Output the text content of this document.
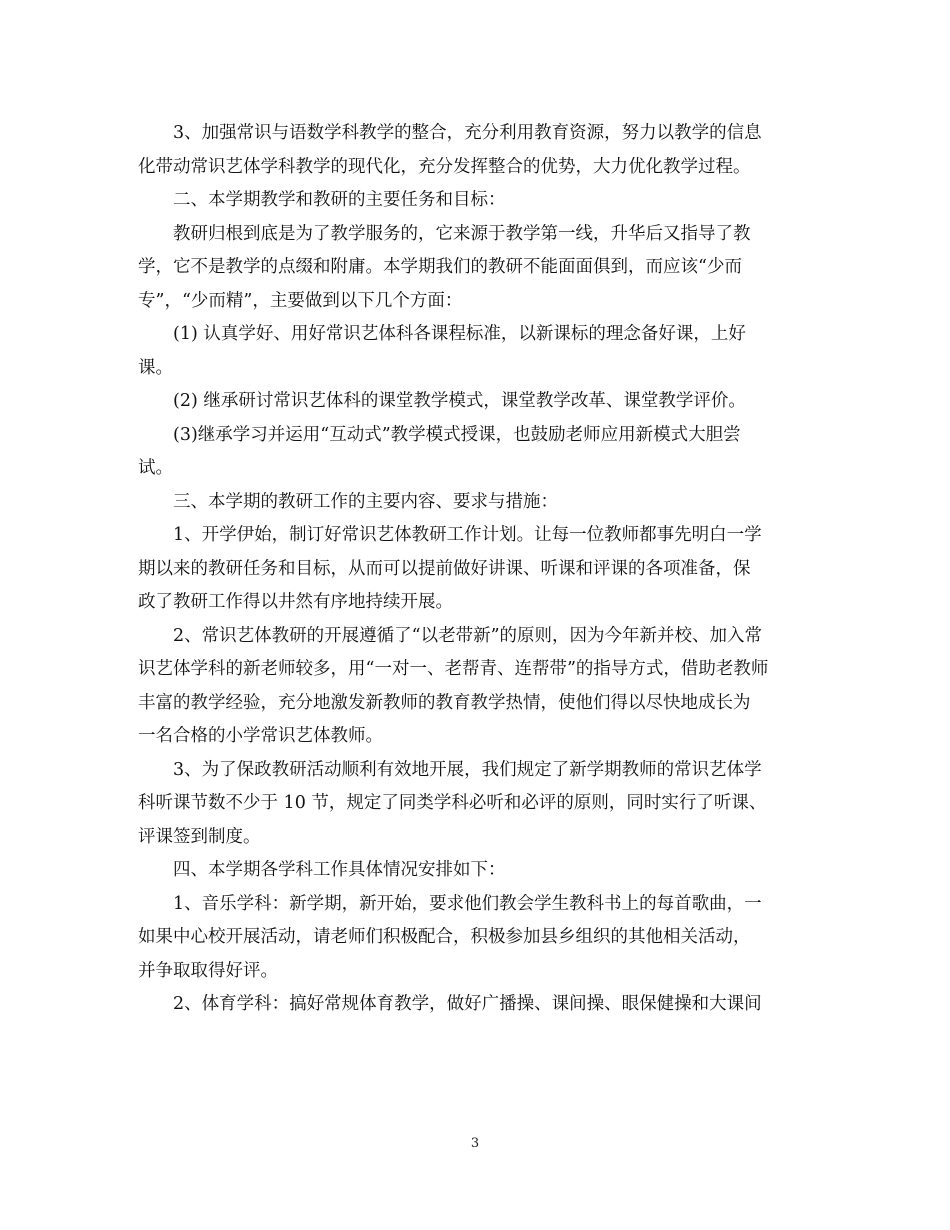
3、加强常识与语数学科教学的整合，充分利用教育资源，努力以教学的信息
化带动常识艺体学科教学的现代化，充分发挥整合的优势，大力优化教学过程。
二、本学期教学和教研的主要任务和目标：
教研归根到底是为了教学服务的，它来源于教学第一线，升华后又指导了教
学，它不是教学的点缀和附庸。本学期我们的教研不能面面俱到，而应该“少而
专”，“少而精”，主要做到以下几个方面：
(1) 认真学好、用好常识艺体科各课程标准，以新课标的理念备好课，上好
课。
(2) 继承研讨常识艺体科的课堂教学模式，课堂教学改革、课堂教学评价。
(3)继承学习并运用“互动式”教学模式授课，也鼓励老师应用新模式大胆尝
试。
三、本学期的教研工作的主要内容、要求与措施：
1、开学伊始，制订好常识艺体教研工作计划。让每一位教师都事先明白一学
期以来的教研任务和目标，从而可以提前做好讲课、听课和评课的各项准备，保
政了教研工作得以井然有序地持续开展。
2、常识艺体教研的开展遵循了“以老带新”的原则，因为今年新并校、加入常
识艺体学科的新老师较多，用“一对一、老帮青、连帮带”的指导方式，借助老教师
丰富的教学经验，充分地激发新教师的教育教学热情，使他们得以尽快地成长为
一名合格的小学常识艺体教师。
3、为了保政教研活动顺利有效地开展，我们规定了新学期教师的常识艺体学
科听课节数不少于 10 节，规定了同类学科必听和必评的原则，同时实行了听课、
评课签到制度。
四、本学期各学科工作具体情况安排如下：
1、音乐学科：新学期，新开始，要求他们教会学生教科书上的每首歌曲，一
如果中心校开展活动，请老师们积极配合，积极参加县乡组织的其他相关活动，
并争取取得好评。
2、体育学科：搞好常规体育教学，做好广播操、课间操、眼保健操和大课间
3
